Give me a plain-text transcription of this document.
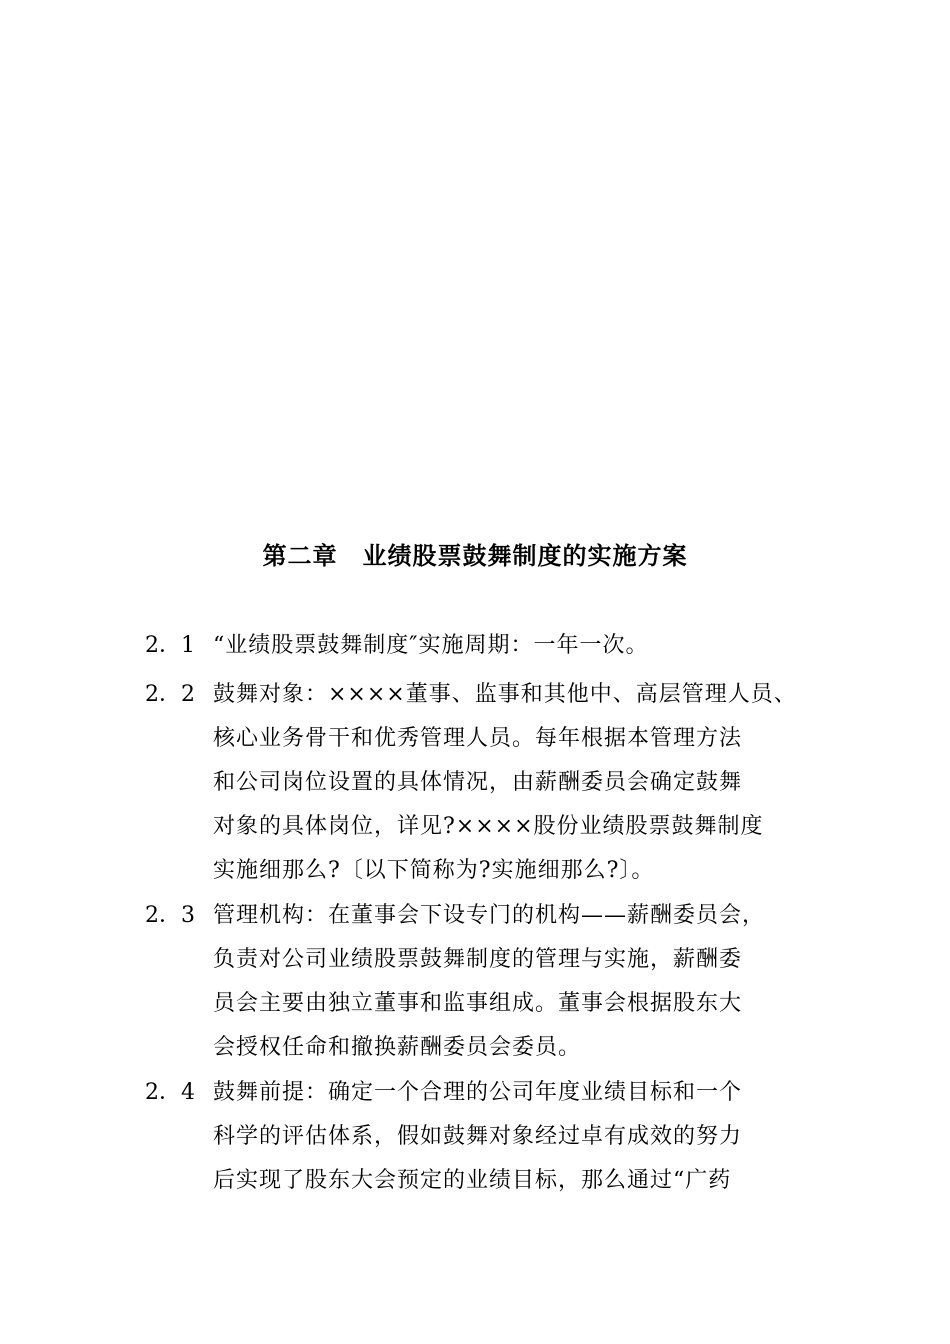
第二章　业绩股票鼓舞制度的实施方案
2．1 “业绩股票鼓舞制度″实施周期：一年一次。
2．2 鼓舞对象：××××董事、监事和其他中、高层管理人员、
核心业务骨干和优秀管理人员。每年根据本管理方法
和公司岗位设置的具体情况，由薪酬委员会确定鼓舞
对象的具体岗位，详见?××××股份业绩股票鼓舞制度
实施细那么?〔以下简称为?实施细那么?〕。
2．3 管理机构：在董事会下设专门的机构——薪酬委员会，
负责对公司业绩股票鼓舞制度的管理与实施，薪酬委
员会主要由独立董事和监事组成。董事会根据股东大
会授权任命和撤换薪酬委员会委员。
2．4 鼓舞前提：确定一个合理的公司年度业绩目标和一个
科学的评估体系，假如鼓舞对象经过卓有成效的努力
后实现了股东大会预定的业绩目标，那么通过“广药
